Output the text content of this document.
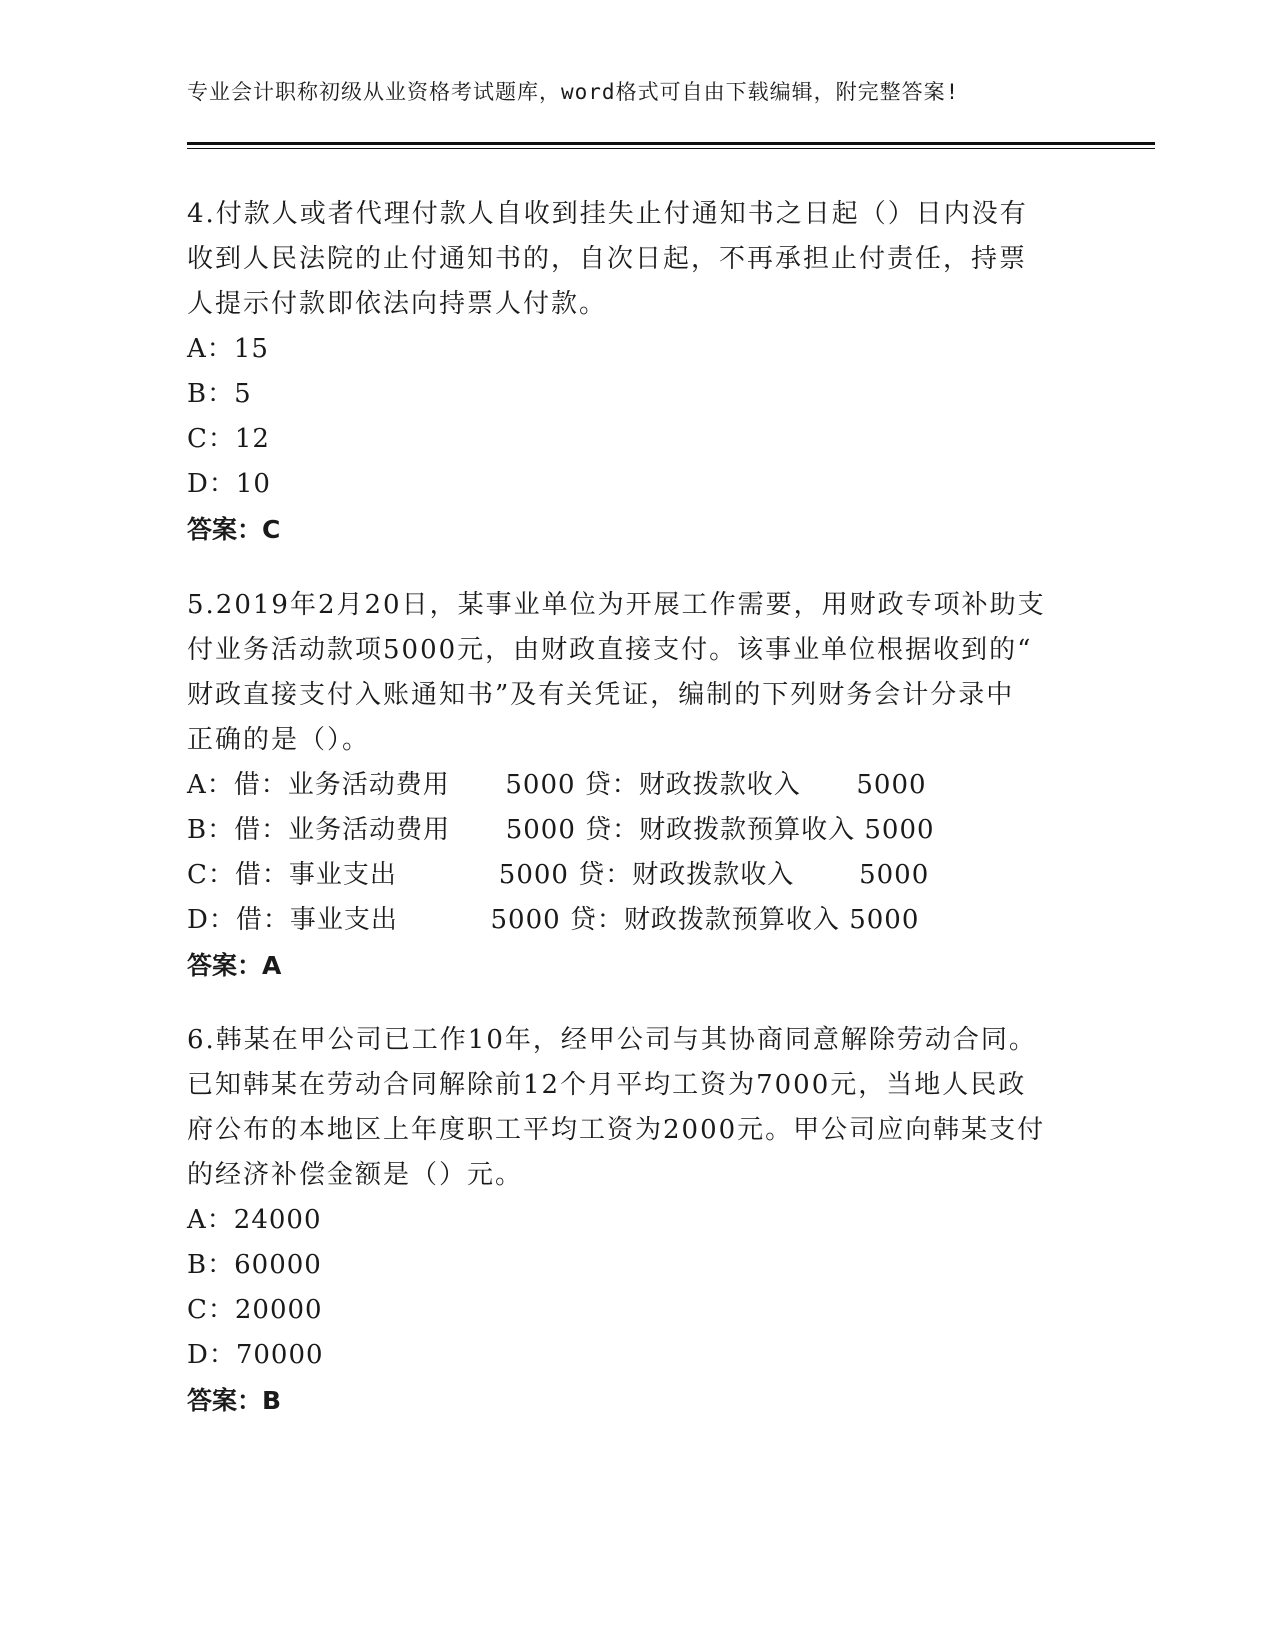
专业会计职称初级从业资格考试题库，word格式可自由下载编辑，附完整答案!
4.付款人或者代理付款人自收到挂失止付通知书之日起（）日内没有
收到人民法院的止付通知书的，自次日起，不再承担止付责任，持票
人提示付款即依法向持票人付款。
A：15
B：5
C：12
D：10
答案：C
5.2019年2月20日，某事业单位为开展工作需要，用财政专项补助支
付业务活动款项5000元，由财政直接支付。该事业单位根据收到的“
财政直接支付入账通知书”及有关凭证，编制的下列财务会计分录中
正确的是（）。
A：借：业务活动费用      5000 贷：财政拨款收入      5000
B：借：业务活动费用      5000 贷：财政拨款预算收入 5000
C：借：事业支出           5000 贷：财政拨款收入       5000
D：借：事业支出          5000 贷：财政拨款预算收入 5000
答案：A
6.韩某在甲公司已工作10年，经甲公司与其协商同意解除劳动合同。
已知韩某在劳动合同解除前12个月平均工资为7000元，当地人民政
府公布的本地区上年度职工平均工资为2000元。甲公司应向韩某支付
的经济补偿金额是（）元。
A：24000
B：60000
C：20000
D：70000
答案：B
